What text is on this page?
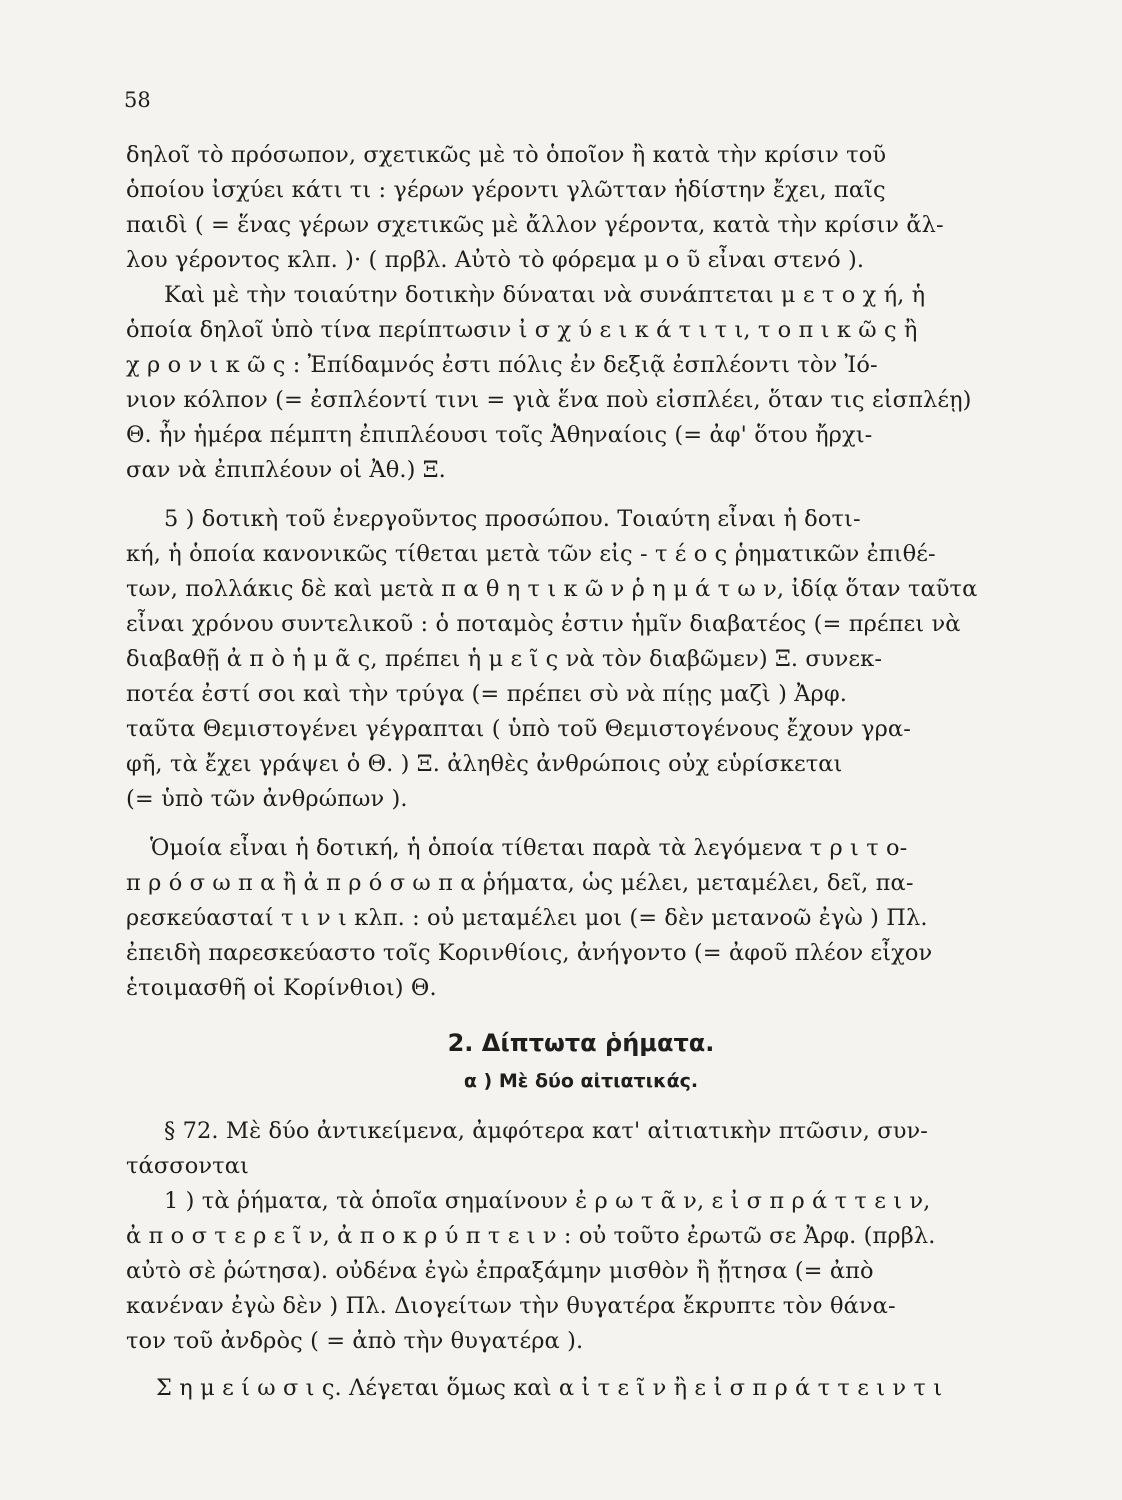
58
δηλοῖ τὸ πρόσωπον, σχετικῶς μὲ τὸ ὁποῖον ἢ κατὰ τὴν κρίσιν τοῦ
ὁποίου ἰσχύει κάτι τι : γέρων γέροντι γλῶτταν ἡδίστην ἔχει, παῖς
παιδὶ ( = ἕνας γέρων σχετικῶς μὲ ἄλλον γέροντα, κατὰ τὴν κρίσιν ἄλ-
λου γέροντος κλπ. )· ( πρβλ. Αὐτὸ τὸ φόρεμα μ ο ῦ εἶναι στενό ).
Καὶ μὲ τὴν τοιαύτην δοτικὴν δύναται νὰ συνάπτεται μ ε τ ο χ ή, ἡ
ὁποία δηλοῖ ὑπὸ τίνα περίπτωσιν ἰ σ χ ύ ε ι κ ά τ ι τ ι, τ ο π ι κ ῶ ς ἢ
χ ρ ο ν ι κ ῶ ς : Ἐπίδαμνός ἐστι πόλις ἐν δεξιᾷ ἐσπλέοντι τὸν Ἰό-
νιον κόλπον (= ἐσπλέοντί τινι = γιὰ ἕνα ποὺ εἰσπλέει, ὅταν τις εἰσπλέῃ)
Θ. ἦν ἡμέρα πέμπτη ἐπιπλέουσι τοῖς Ἀθηναίοις (= ἀφ' ὅτου ἤρχι-
σαν νὰ ἐπιπλέουν οἱ Ἀθ.) Ξ.
5 ) δοτικὴ τοῦ ἐνεργοῦντος προσώπου. Τοιαύτη εἶναι ἡ δοτι-
κή, ἡ ὁποία κανονικῶς τίθεται μετὰ τῶν εἰς - τ έ ο ς ῥηματικῶν ἐπιθέ-
των, πολλάκις δὲ καὶ μετὰ π α θ η τ ι κ ῶ ν ῥ η μ ά τ ω ν, ἰδίᾳ ὅταν ταῦτα
εἶναι χρόνου συντελικοῦ : ὁ ποταμὸς ἐστιν ἡμῖν διαβατέος (= πρέπει νὰ
διαβαθῇ ἀ π ὸ ἡ μ ᾶ ς, πρέπει ἡ μ ε ῖ ς νὰ τὸν διαβῶμεν) Ξ. συνεκ-
ποτέα ἐστί σοι καὶ τὴν τρύγα (= πρέπει σὺ νὰ πίῃς μαζὶ ) Ἀρφ.
ταῦτα Θεμιστογένει γέγραπται ( ὑπὸ τοῦ Θεμιστογένους ἔχουν γρα-
φῆ, τὰ ἔχει γράψει ὁ Θ. ) Ξ. ἀληθὲς ἀνθρώποις οὐχ εὑρίσκεται
(= ὑπὸ τῶν ἀνθρώπων ).
Ὁμοία εἶναι ἡ δοτική, ἡ ὁποία τίθεται παρὰ τὰ λεγόμενα τ ρ ι τ ο-
π ρ ό σ ω π α ἢ ἀ π ρ ό σ ω π α ῥήματα, ὡς μέλει, μεταμέλει, δεῖ, πα-
ρεσκεύασταί τ ι ν ι κλπ. : οὐ μεταμέλει μοι (= δὲν μετανοῶ ἐγὼ ) Πλ.
ἐπειδὴ παρεσκεύαστο τοῖς Κορινθίοις, ἀνήγοντο (= ἀφοῦ πλέον εἶχον
ἑτοιμασθῆ οἱ Κορίνθιοι) Θ.
2. Δίπτωτα ῥήματα.
α ) Μὲ δύο αἰτιατικάς.
§ 72. Μὲ δύο ἀντικείμενα, ἀμφότερα κατ' αἰτιατικὴν πτῶσιν, συν-
τάσσονται
1 ) τὰ ῥήματα, τὰ ὁποῖα σημαίνουν ἐ ρ ω τ ᾶ ν, ε ἰ σ π ρ ά τ τ ε ι ν,
ἀ π ο σ τ ε ρ ε ῖ ν, ἀ π ο κ ρ ύ π τ ε ι ν : οὐ τοῦτο ἐρωτῶ σε Ἀρφ. (πρβλ.
αὐτὸ σὲ ῥώτησα). οὐδένα ἐγὼ ἐπραξάμην μισθὸν ἢ ᾔτησα (= ἀπὸ
κανέναν ἐγὼ δὲν ) Πλ. Διογείτων τὴν θυγατέρα ἔκρυπτε τὸν θάνα-
τον τοῦ ἀνδρὸς ( = ἀπὸ τὴν θυγατέρα ).
Σ η μ ε ί ω σ ι ς. Λέγεται ὅμως καὶ α ἰ τ ε ῖ ν ἢ ε ἰ σ π ρ ά τ τ ε ι ν τ ι
